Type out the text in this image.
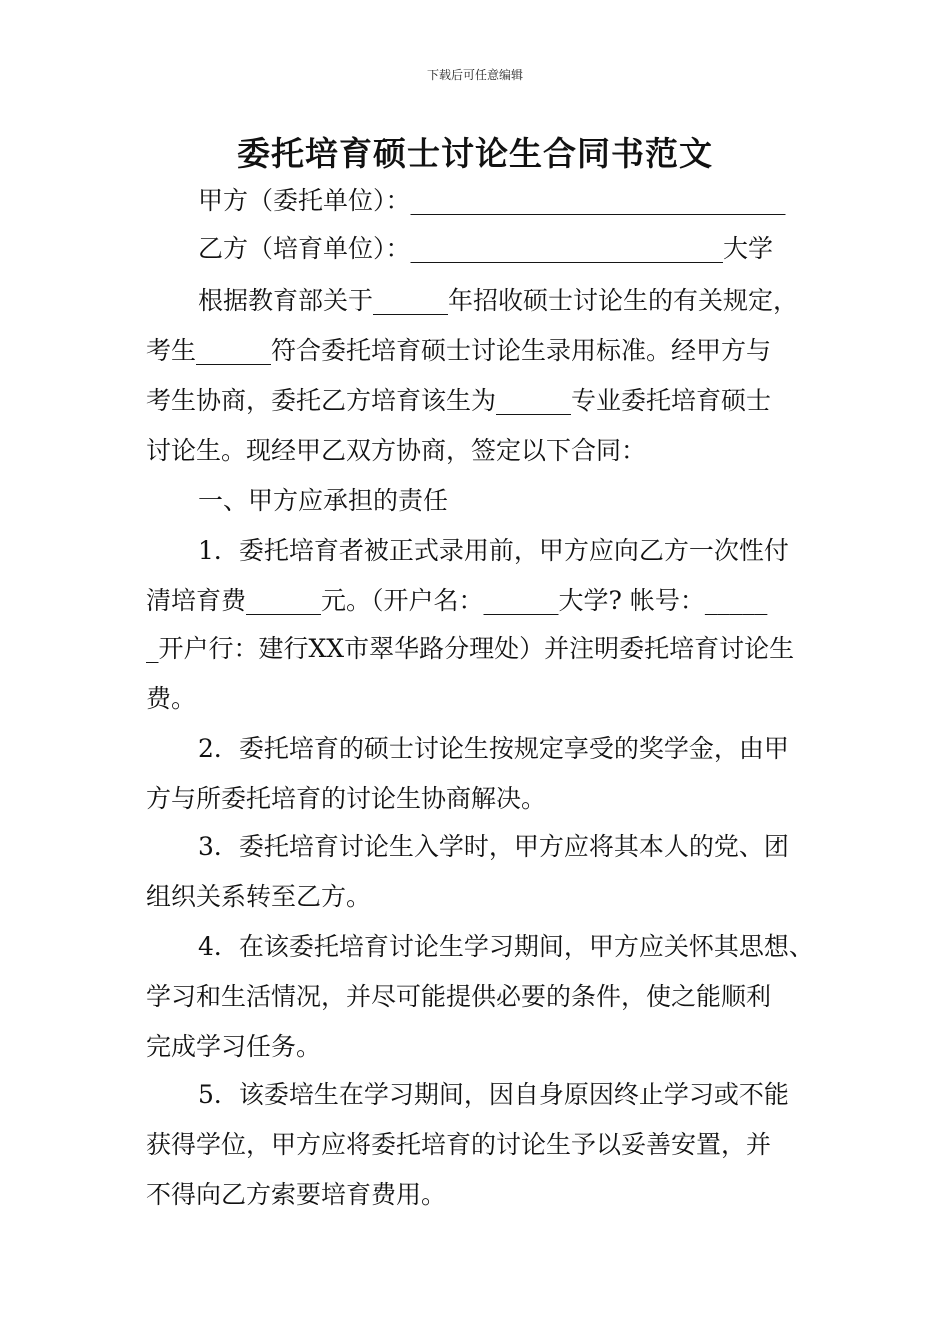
下载后可任意编辑
委托培育硕士讨论生合同书范文
甲方（委托单位）：______________________________
乙方（培育单位）：_________________________大学
根据教育部关于______年招收硕士讨论生的有关规定，
考生______符合委托培育硕士讨论生录用标准。经甲方与
考生协商，委托乙方培育该生为______专业委托培育硕士
讨论生。现经甲乙双方协商，签定以下合同：
一、甲方应承担的责任
1．委托培育者被正式录用前，甲方应向乙方一次性付
清培育费______元。（开户名：______大学? 帐号：_____
_开户行：建行XX市翠华路分理处）并注明委托培育讨论生
费。
2．委托培育的硕士讨论生按规定享受的奖学金，由甲
方与所委托培育的讨论生协商解决。
3．委托培育讨论生入学时，甲方应将其本人的党、团
组织关系转至乙方。
4．在该委托培育讨论生学习期间，甲方应关怀其思想、
学习和生活情况，并尽可能提供必要的条件，使之能顺利
完成学习任务。
5．该委培生在学习期间，因自身原因终止学习或不能
获得学位，甲方应将委托培育的讨论生予以妥善安置，并
不得向乙方索要培育费用。
